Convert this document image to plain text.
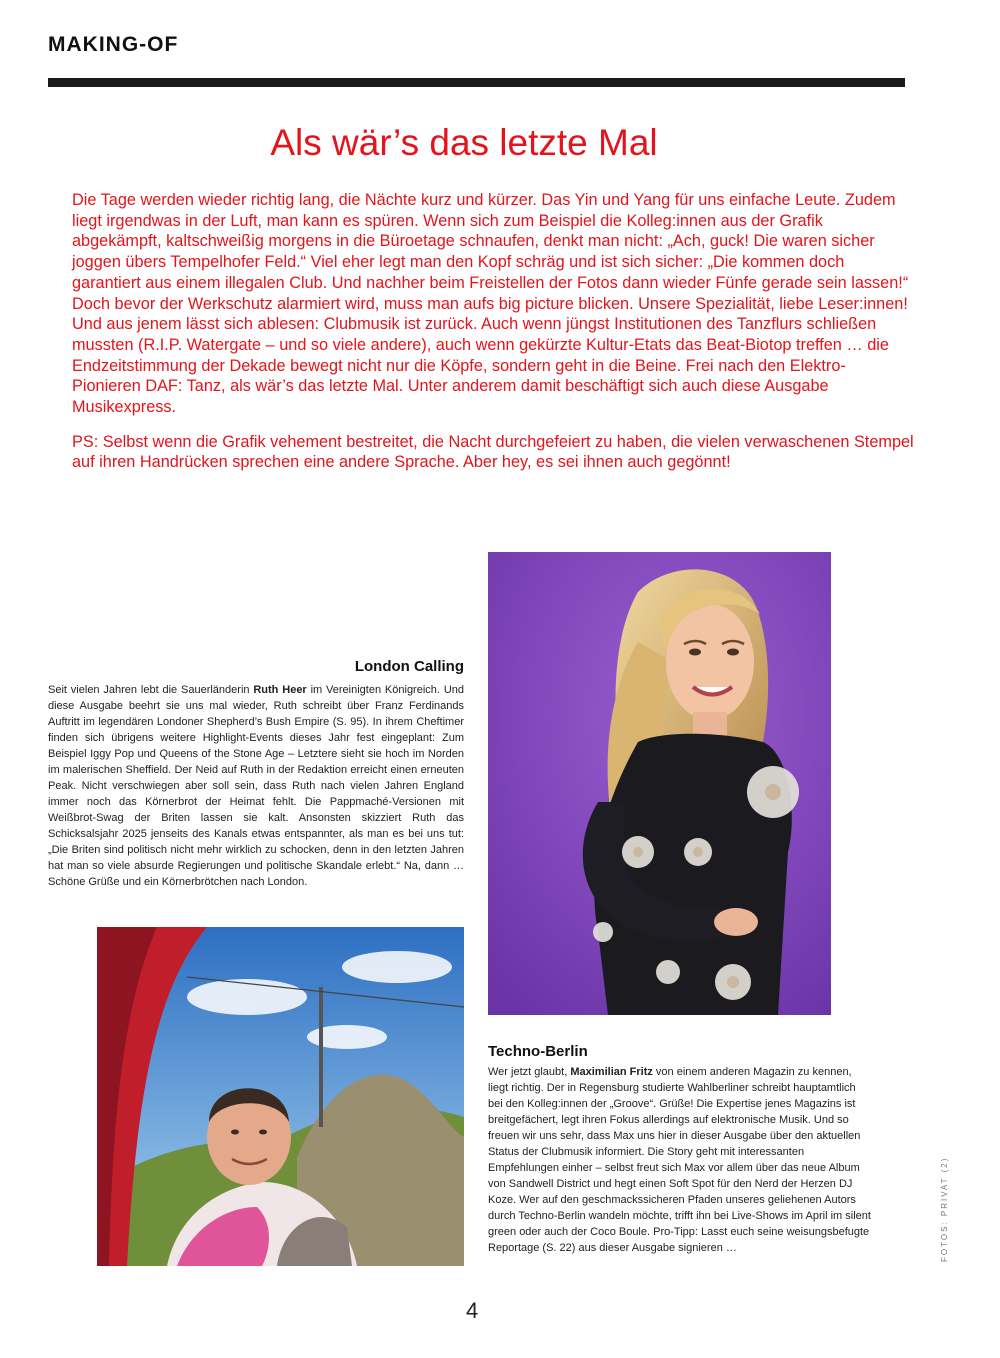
MAKING-OF
Als wär’s das letzte Mal

Die Tage werden wieder richtig lang, die Nächte kurz und kürzer. Das Yin und Yang für uns einfache Leute. Zudem liegt irgendwas in der Luft, man kann es spüren. Wenn sich zum Beispiel die Kolleg:innen aus der Grafik abgekämpft, kaltschweißig morgens in die Büroetage schnaufen, denkt man nicht: „Ach, guck! Die waren sicher joggen übers Tempelhofer Feld.“ Viel eher legt man den Kopf schräg und ist sich sicher: „Die kommen doch garantiert aus einem illegalen Club. Und nachher beim Freistellen der Fotos dann wieder Fünfe gerade sein lassen!“ Doch bevor der Werkschutz alarmiert wird, muss man aufs big picture blicken. Unsere Spezialität, liebe Leser:innen! Und aus jenem lässt sich ablesen: Clubmusik ist zurück. Auch wenn jüngst Institutionen des Tanzflurs schließen mussten (R.I.P. Watergate – und so viele andere), auch wenn gekürzte Kultur-Etats das Beat-Biotop treffen … die Endzeitstimmung der Dekade bewegt nicht nur die Köpfe, sondern geht in die Beine. Frei nach den Elektro-Pionieren DAF: Tanz, als wär’s das letzte Mal. Unter anderem damit beschäftigt sich auch diese Ausgabe Musikexpress.

PS: Selbst wenn die Grafik vehement bestreitet, die Nacht durchgefeiert zu haben, die vielen verwaschenen Stempel auf ihren Handrücken sprechen eine andere Sprache. Aber hey, es sei ihnen auch gegönnt!

London Calling

Seit vielen Jahren lebt die Sauerländerin Ruth Heer im Vereinigten Königreich. Und diese Ausgabe beehrt sie uns mal wieder, Ruth schreibt über Franz Ferdinands Auftritt im legendären Londoner Shepherd’s Bush Empire (S. 95). In ihrem Cheftimer finden sich übrigens weitere Highlight-Events dieses Jahr fest eingeplant: Zum Beispiel Iggy Pop und Queens of the Stone Age – Letztere sieht sie hoch im Norden im malerischen Sheffield. Der Neid auf Ruth in der Redaktion erreicht einen erneuten Peak. Nicht verschwiegen aber soll sein, dass Ruth nach vielen Jahren England immer noch das Körnerbrot der Heimat fehlt. Die Pappmaché-Versionen mit Weißbrot-Swag der Briten lassen sie kalt. Ansonsten skizziert Ruth das Schicksalsjahr 2025 jenseits des Kanals etwas entspannter, als man es bei uns tut: „Die Briten sind politisch nicht mehr wirklich zu schocken, denn in den letzten Jahren hat man so viele absurde Regierungen und politische Skandale erlebt.“ Na, dann … Schöne Grüße und ein Körnerbrötchen nach London.

Techno-Berlin

Wer jetzt glaubt, Maximilian Fritz von einem anderen Magazin zu kennen, liegt richtig. Der in Regensburg studierte Wahlberliner schreibt hauptamtlich bei den Kolleg:innen der „Groove“. Grüße! Die Expertise jenes Magazins ist breitgefächert, legt ihren Fokus allerdings auf elektronische Musik. Und so freuen wir uns sehr, dass Max uns hier in dieser Ausgabe über den aktuellen Status der Clubmusik informiert. Die Story geht mit interessanten Empfehlungen einher – selbst freut sich Max vor allem über das neue Album von Sandwell District und hegt einen Soft Spot für den Nerd der Herzen DJ Koze. Wer auf den geschmackssicheren Pfaden unseres geliehenen Autors durch Techno-Berlin wandeln möchte, trifft ihn bei Live-Shows im April im silent green oder auch der Coco Boule. Pro-Tipp: Lasst euch seine weisungsbefugte Reportage (S. 22) aus dieser Ausgabe signieren …	FOTOS: PRIVAT (2)
4
